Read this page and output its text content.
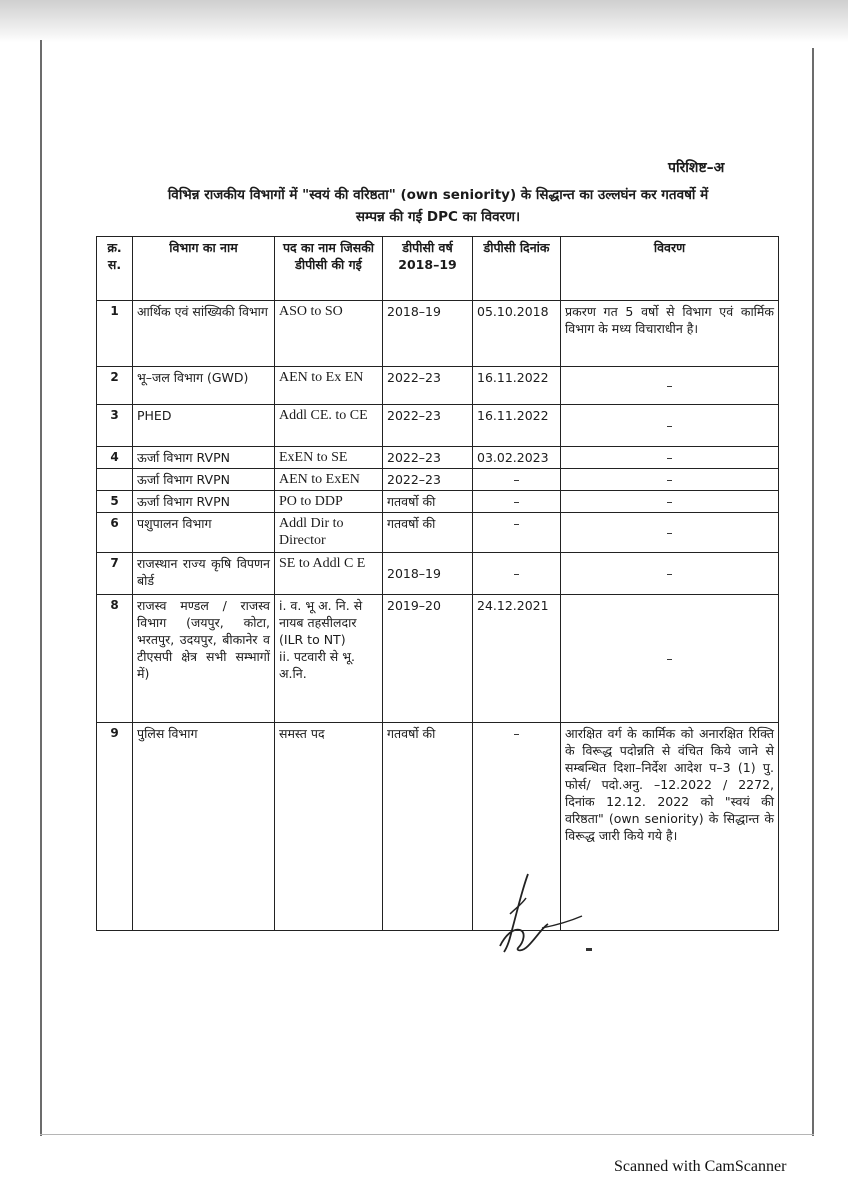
परिशिष्ट–अ
विभिन्न राजकीय विभागों में "स्वयं की वरिष्ठता" (own seniority) के सिद्धान्त का उल्लघंन कर गतवर्षो में
सम्पन्न की गई DPC का विवरण।
क्र. स.	विभाग का नाम	पद का नाम जिसकी डीपीसी की गई	डीपीसी वर्ष 2018–19	डीपीसी दिनांक	विवरण
1	आर्थिक एवं सांख्यिकी विभाग	ASO to SO	2018–19	05.10.2018	प्रकरण गत 5 वर्षो से विभाग एवं कार्मिक विभाग के मध्य विचाराधीन है।
2	भू–जल विभाग (GWD)	AEN to Ex EN	2022–23	16.11.2022	–
3	PHED	Addl CE. to CE	2022–23	16.11.2022	–
4	ऊर्जा विभाग RVPN	ExEN to SE	2022–23	03.02.2023	–
	ऊर्जा विभाग RVPN	AEN to ExEN	2022–23	–	–
5	ऊर्जा विभाग RVPN	PO to DDP	गतवर्षो की	–	–
6	पशुपालन विभाग	Addl Dir to Director	गतवर्षो की	–	–
7	राजस्थान राज्य कृषि विपणन बोर्ड	SE to Addl C E	2018–19	–	–
8	राजस्व मण्डल / राजस्व विभाग (जयपुर, कोटा, भरतपुर, उदयपुर, बीकानेर व टीएसपी क्षेत्र सभी सम्भागों में)	i. व. भू अ. नि. से नायब तहसीलदार (ILR to NT)
ii. पटवारी से भू. अ.नि.	2019–20	24.12.2021	–
9	पुलिस विभाग	समस्त पद	गतवर्षो की	–	आरक्षित वर्ग के कार्मिक को अनारक्षित रिक्ति के विरूद्ध पदोन्नति से वंचित किये जाने से सम्बन्धित दिशा–निर्देश आदेश प–3 (1) पु. फोर्स/ पदो.अनु. –12.2022 / 2272, दिनांक 12.12. 2022 को "स्वयं की वरिष्ठता" (own seniority) के सिद्धान्त के विरूद्ध जारी किये गये है।
Scanned with CamScanner
